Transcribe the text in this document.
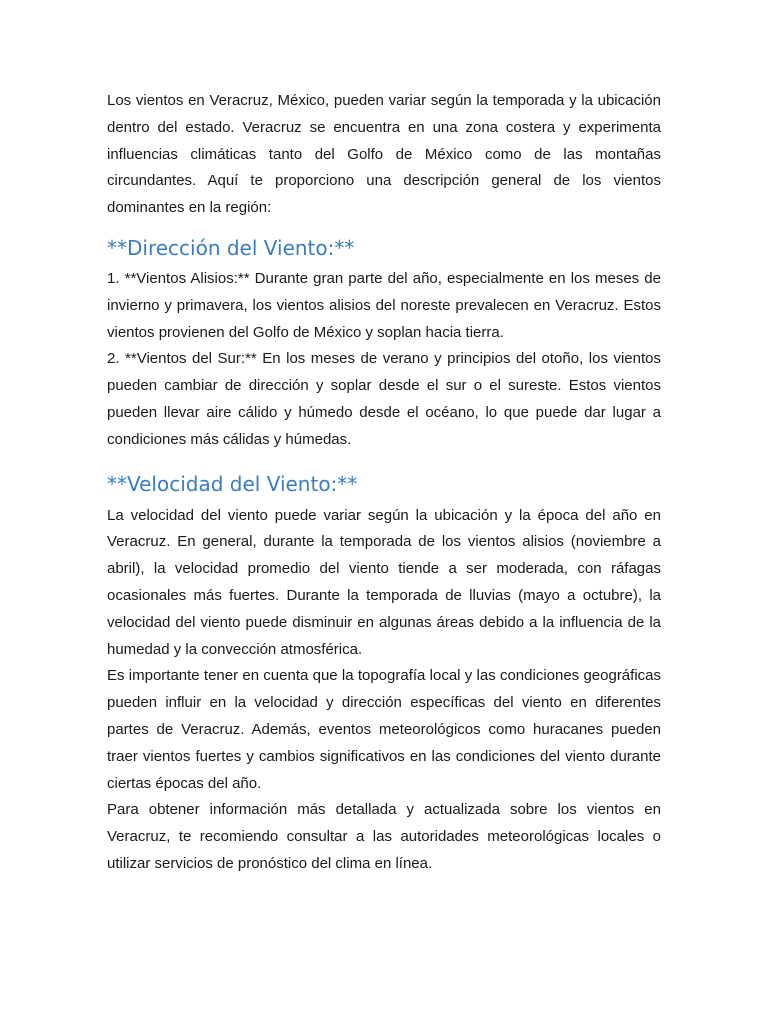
Los vientos en Veracruz, México, pueden variar según la temporada y la ubicación dentro del estado. Veracruz se encuentra en una zona costera y experimenta influencias climáticas tanto del Golfo de México como de las montañas circundantes. Aquí te proporciono una descripción general de los vientos dominantes en la región:

**Dirección del Viento:**

1. **Vientos Alisios:** Durante gran parte del año, especialmente en los meses de invierno y primavera, los vientos alisios del noreste prevalecen en Veracruz. Estos vientos provienen del Golfo de México y soplan hacia tierra.

2. **Vientos del Sur:** En los meses de verano y principios del otoño, los vientos pueden cambiar de dirección y soplar desde el sur o el sureste. Estos vientos pueden llevar aire cálido y húmedo desde el océano, lo que puede dar lugar a condiciones más cálidas y húmedas.

**Velocidad del Viento:**

La velocidad del viento puede variar según la ubicación y la época del año en Veracruz. En general, durante la temporada de los vientos alisios (noviembre a abril), la velocidad promedio del viento tiende a ser moderada, con ráfagas ocasionales más fuertes. Durante la temporada de lluvias (mayo a octubre), la velocidad del viento puede disminuir en algunas áreas debido a la influencia de la humedad y la convección atmosférica.

Es importante tener en cuenta que la topografía local y las condiciones geográficas pueden influir en la velocidad y dirección específicas del viento en diferentes partes de Veracruz. Además, eventos meteorológicos como huracanes pueden traer vientos fuertes y cambios significativos en las condiciones del viento durante ciertas épocas del año.

Para obtener información más detallada y actualizada sobre los vientos en Veracruz, te recomiendo consultar a las autoridades meteorológicas locales o utilizar servicios de pronóstico del clima en línea.
